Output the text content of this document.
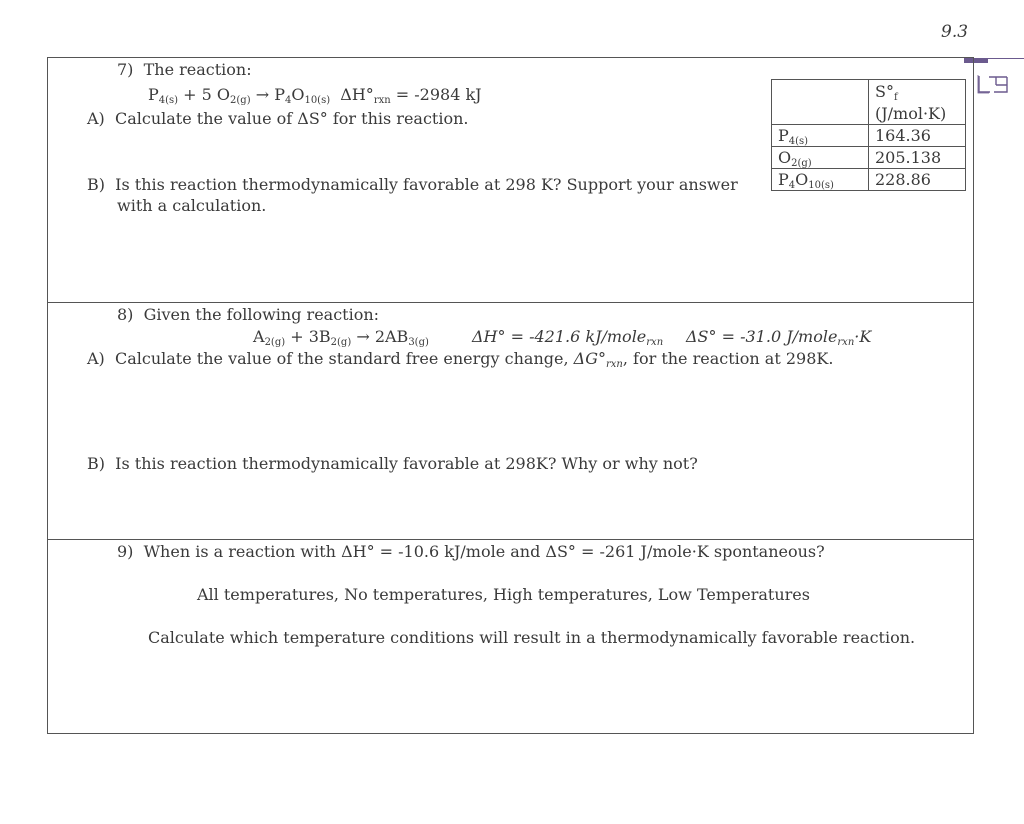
9.3
7) The reaction:
$P_{4(s)} + 5$ $O_{2(g)} \to P_4O_{10(s)}$ $\Delta H^\circ_{rxn} = -2984$ kJ
A) Calculate the value of ΔS° for this reaction.
B) Is this reaction thermodynamically favorable at 298 K? Support your answer
with a calculation.
	$S^\circ_f$
	(J/mol·K)
$P_{4(s)}$	164.36
$O_{2(g)}$	205.138
$P_4O_{10(s)}$	228.86
8) Given the following reaction:
$A_{2(g)} + 3B_{2(g)} \to 2AB_{3(g)}$	ΔH° = -421.6 kJ/mole$_{rxn}$ ΔS° = -31.0 J/mole$_{rxn}$·K
A) Calculate the value of the standard free energy change, $\Delta G^\circ_{rxn}$, for the reaction at 298K.
B) Is this reaction thermodynamically favorable at 298K? Why or why not?
9) When is a reaction with ΔH° = -10.6 kJ/mole and ΔS° = -261 J/mole·K spontaneous?
All temperatures, No temperatures, High temperatures, Low Temperatures
Calculate which temperature conditions will result in a thermodynamically favorable reaction.
